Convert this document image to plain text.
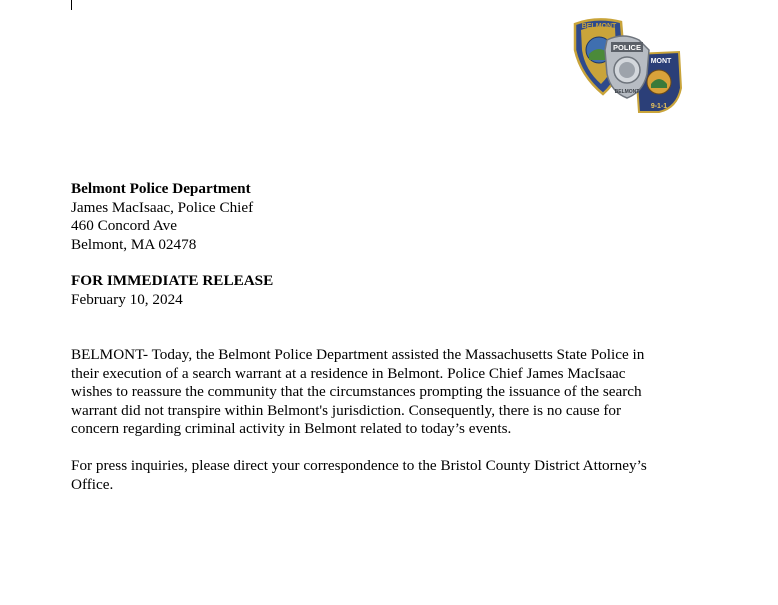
BELMONT
MONT
9-1-1
POLICE
BELMONT
Belmont Police Department
James MacIsaac, Police Chief
460 Concord Ave
Belmont, MA 02478
FOR IMMEDIATE RELEASE
February 10, 2024
BELMONT- Today, the Belmont Police Department assisted the Massachusetts State Police in
their execution of a search warrant at a residence in Belmont. Police Chief James MacIsaac
wishes to reassure the community that the circumstances prompting the issuance of the search
warrant did not transpire within Belmont's jurisdiction. Consequently, there is no cause for
concern regarding criminal activity in Belmont related to today’s events.
For press inquiries, please direct your correspondence to the Bristol County District Attorney’s
Office.
